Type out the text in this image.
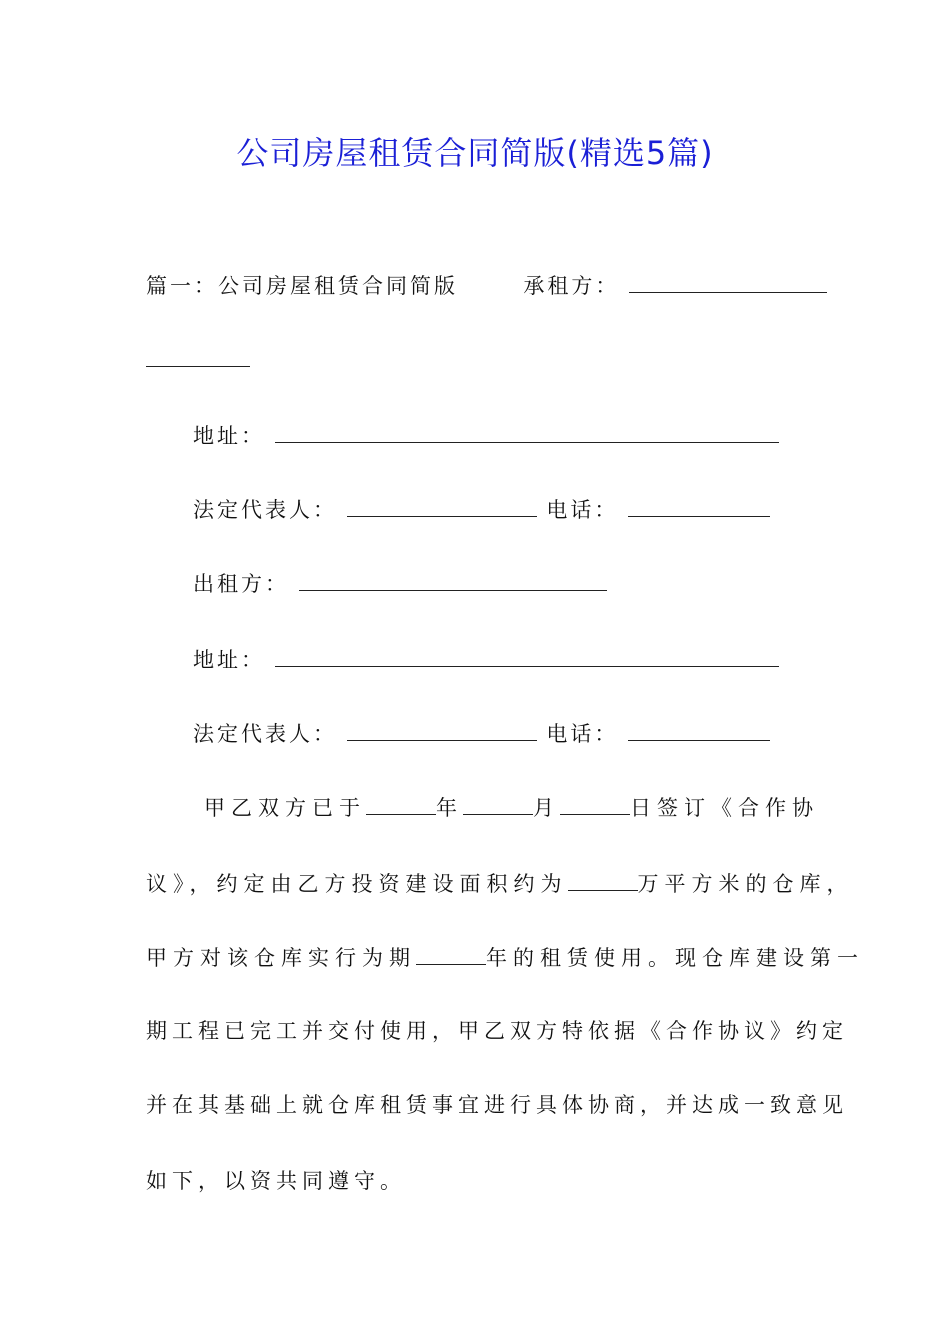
公司房屋租赁合同简版(精选5篇)
篇一：公司房屋租赁合同简版	承租方：
地址：
法定代表人：	电话：
出租方：
地址：
法定代表人：	电话：
甲乙双方已于	年	月	日签订《合作协
议》，约定由乙方投资建设面积约为	万平方米的仓库，
甲方对该仓库实行为期	年的租赁使用。现仓库建设第一
期工程已完工并交付使用，甲乙双方特依据《合作协议》约定
并在其基础上就仓库租赁事宜进行具体协商，并达成一致意见
如下，以资共同遵守。
